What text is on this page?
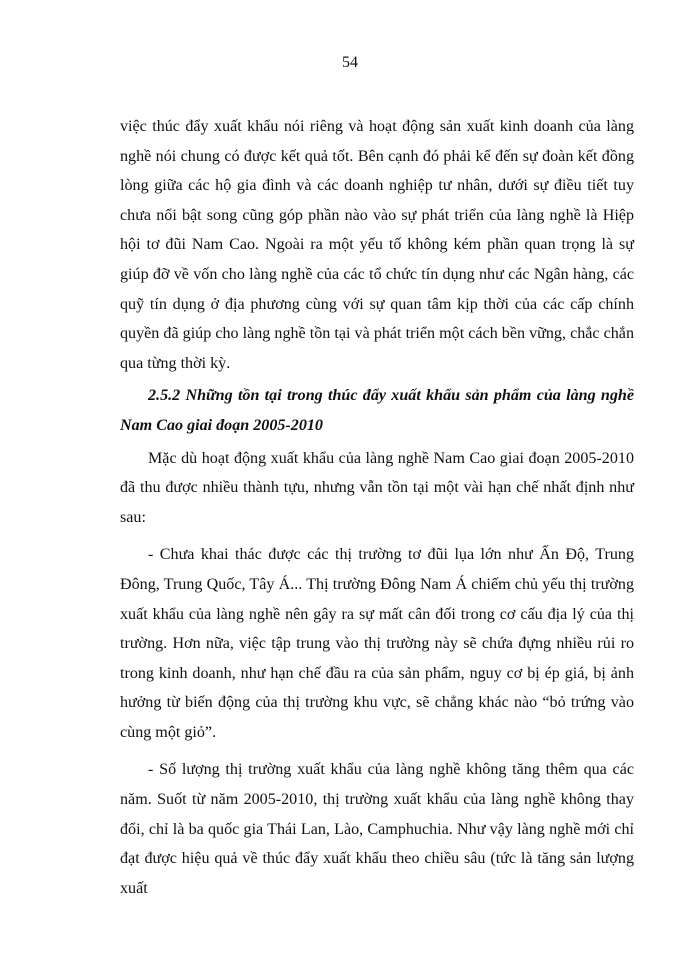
54

việc thúc đẩy xuất khẩu nói riêng và hoạt động sản xuất kinh doanh của làng nghề nói chung có được kết quả tốt. Bên cạnh đó phải kể đến sự đoàn kết đồng lòng giữa các hộ gia đình và các doanh nghiệp tư nhân, dưới sự điều tiết tuy chưa nổi bật song cũng góp phần nào vào sự phát triển của làng nghề là Hiệp hội tơ đũi Nam Cao. Ngoài ra một yếu tố không kém phần quan trọng là sự giúp đỡ về vốn cho làng nghề của các tổ chức tín dụng như các Ngân hàng, các quỹ tín dụng ở địa phương cùng với sự quan tâm kịp thời của các cấp chính quyền đã giúp cho làng nghề tồn tại và phát triển một cách bền vững, chắc chắn qua từng thời kỳ.

2.5.2 Những tồn tại trong thúc đẩy xuất khẩu sản phẩm của làng nghề Nam Cao giai đoạn 2005-2010

Mặc dù hoạt động xuất khẩu của làng nghề Nam Cao giai đoạn 2005-2010 đã thu được nhiều thành tựu, nhưng vẫn tồn tại một vài hạn chế nhất định như sau:

- Chưa khai thác được các thị trường tơ đũi lụa lớn như Ấn Độ, Trung Đông, Trung Quốc, Tây Á... Thị trường Đông Nam Á chiếm chủ yếu thị trường xuất khẩu của làng nghề nên gây ra sự mất cân đối trong cơ cấu địa lý của thị trường. Hơn nữa, việc tập trung vào thị trường này sẽ chứa đựng nhiều rủi ro trong kinh doanh, như hạn chế đầu ra của sản phẩm, nguy cơ bị ép giá, bị ảnh hưởng từ biến động của thị trường khu vực, sẽ chẳng khác nào “bỏ trứng vào cùng một giỏ”.

- Số lượng thị trường xuất khẩu của làng nghề không tăng thêm qua các năm. Suốt từ năm 2005-2010, thị trường xuất khẩu của làng nghề không thay đổi, chỉ là ba quốc gia Thái Lan, Lào, Camphuchia. Như vậy làng nghề mới chỉ đạt được hiệu quả về thúc đẩy xuất khẩu theo chiều sâu (tức là tăng sản lượng xuất
